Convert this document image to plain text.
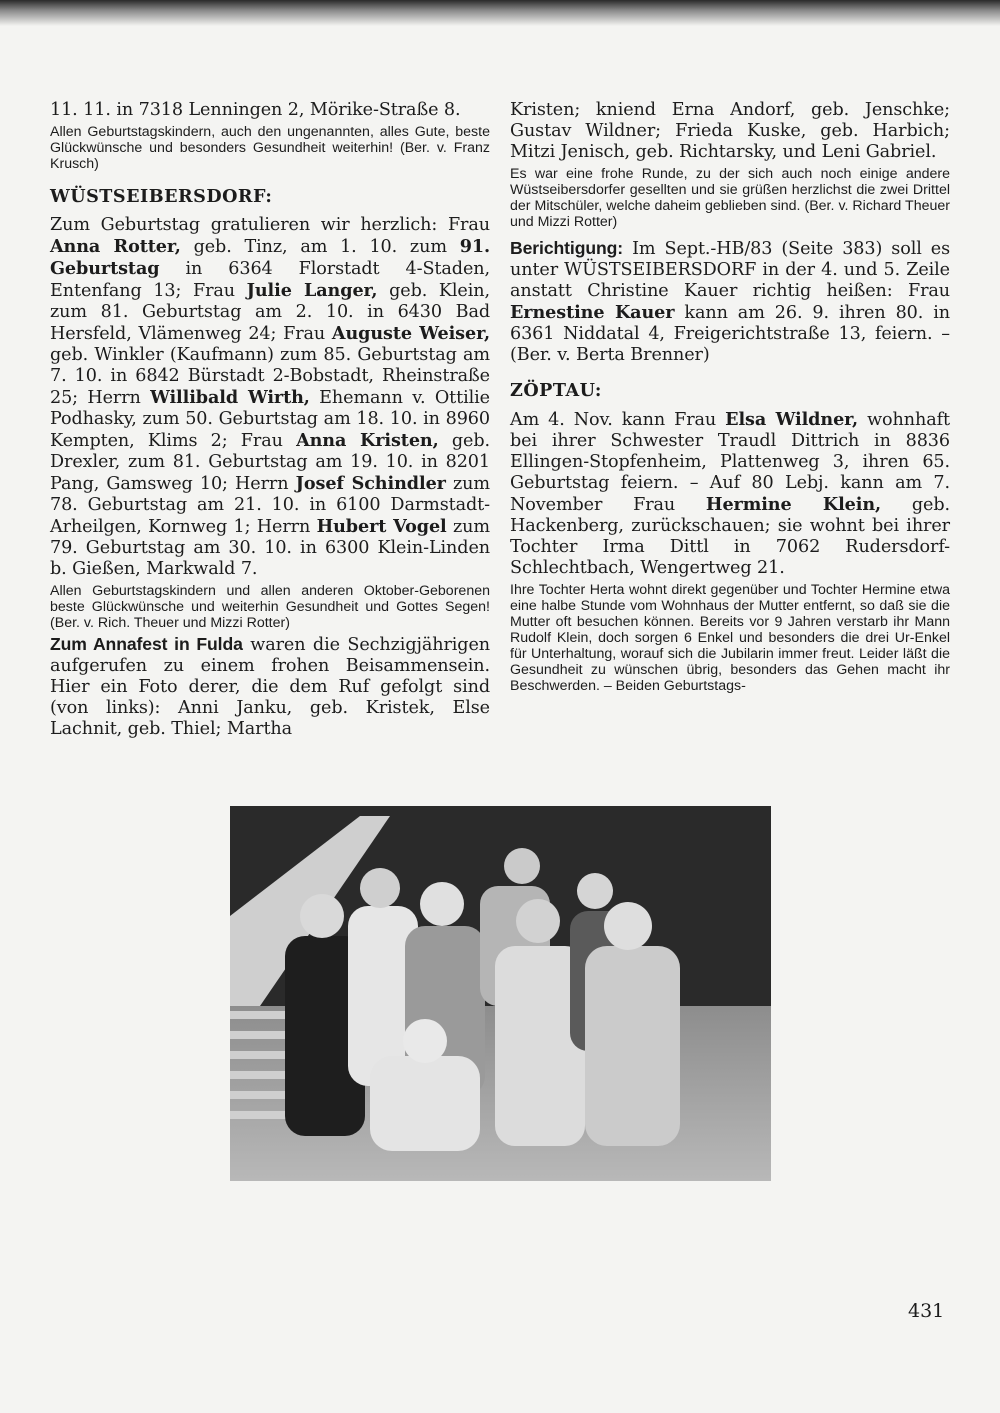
11. 11. in 7318 Lenningen 2, Mörike-Straße 8.

Allen Geburtstagskindern, auch den ungenannten, alles Gute, beste Glückwünsche und besonders Gesundheit weiterhin! (Ber. v. Franz Krusch)

WÜSTSEIBERSDORF:

Zum Geburtstag gratulieren wir herzlich: Frau Anna Rotter, geb. Tinz, am 1. 10. zum 91. Geburtstag in 6364 Florstadt 4-Staden, Entenfang 13; Frau Julie Langer, geb. Klein, zum 81. Geburtstag am 2. 10. in 6430 Bad Hersfeld, Vlämenweg 24; Frau Auguste Weiser, geb. Winkler (Kaufmann) zum 85. Geburtstag am 7. 10. in 6842 Bürstadt 2-Bobstadt, Rheinstraße 25; Herrn Willibald Wirth, Ehemann v. Ottilie Podhasky, zum 50. Geburtstag am 18. 10. in 8960 Kempten, Klims 2; Frau Anna Kristen, geb. Drexler, zum 81. Geburtstag am 19. 10. in 8201 Pang, Gamsweg 10; Herrn Josef Schindler zum 78. Geburtstag am 21. 10. in 6100 Darmstadt-Arheilgen, Kornweg 1; Herrn Hubert Vogel zum 79. Geburtstag am 30. 10. in 6300 Klein-Linden b. Gießen, Markwald 7.

Allen Geburtstagskindern und allen anderen Oktober-Geborenen beste Glückwünsche und weiterhin Gesundheit und Gottes Segen! (Ber. v. Rich. Theuer und Mizzi Rotter)

Zum Annafest in Fulda waren die Sechzigjährigen aufgerufen zu einem frohen Beisammensein. Hier ein Foto derer, die dem Ruf gefolgt sind (von links): Anni Janku, geb. Kristek, Else Lachnit, geb. Thiel; Martha

Kristen; kniend Erna Andorf, geb. Jenschke; Gustav Wildner; Frieda Kuske, geb. Harbich; Mitzi Jenisch, geb. Richtarsky, und Leni Gabriel.

Es war eine frohe Runde, zu der sich auch noch einige andere Wüstseibersdorfer gesellten und sie grüßen herzlichst die zwei Drittel der Mitschüler, welche daheim geblieben sind. (Ber. v. Richard Theuer und Mizzi Rotter)

Berichtigung: Im Sept.-HB/83 (Seite 383) soll es unter WÜSTSEIBERSDORF in der 4. und 5. Zeile anstatt Christine Kauer richtig heißen: Frau Ernestine Kauer kann am 26. 9. ihren 80. in 6361 Niddatal 4, Freigerichtstraße 13, feiern. – (Ber. v. Berta Brenner)

ZÖPTAU:

Am 4. Nov. kann Frau Elsa Wildner, wohnhaft bei ihrer Schwester Traudl Dittrich in 8836 Ellingen-Stopfenheim, Plattenweg 3, ihren 65. Geburtstag feiern. – Auf 80 Lebj. kann am 7. November Frau Hermine Klein, geb. Hackenberg, zurückschauen; sie wohnt bei ihrer Tochter Irma Dittl in 7062 Rudersdorf-Schlechtbach, Wengertweg 21.

Ihre Tochter Herta wohnt direkt gegenüber und Tochter Hermine etwa eine halbe Stunde vom Wohnhaus der Mutter entfernt, so daß sie die Mutter oft besuchen können. Bereits vor 9 Jahren verstarb ihr Mann Rudolf Klein, doch sorgen 6 Enkel und besonders die drei Ur-Enkel für Unterhaltung, worauf sich die Jubilarin immer freut. Leider läßt die Gesundheit zu wünschen übrig, besonders das Gehen macht ihr Beschwerden. – Beiden Geburtstags-

431
